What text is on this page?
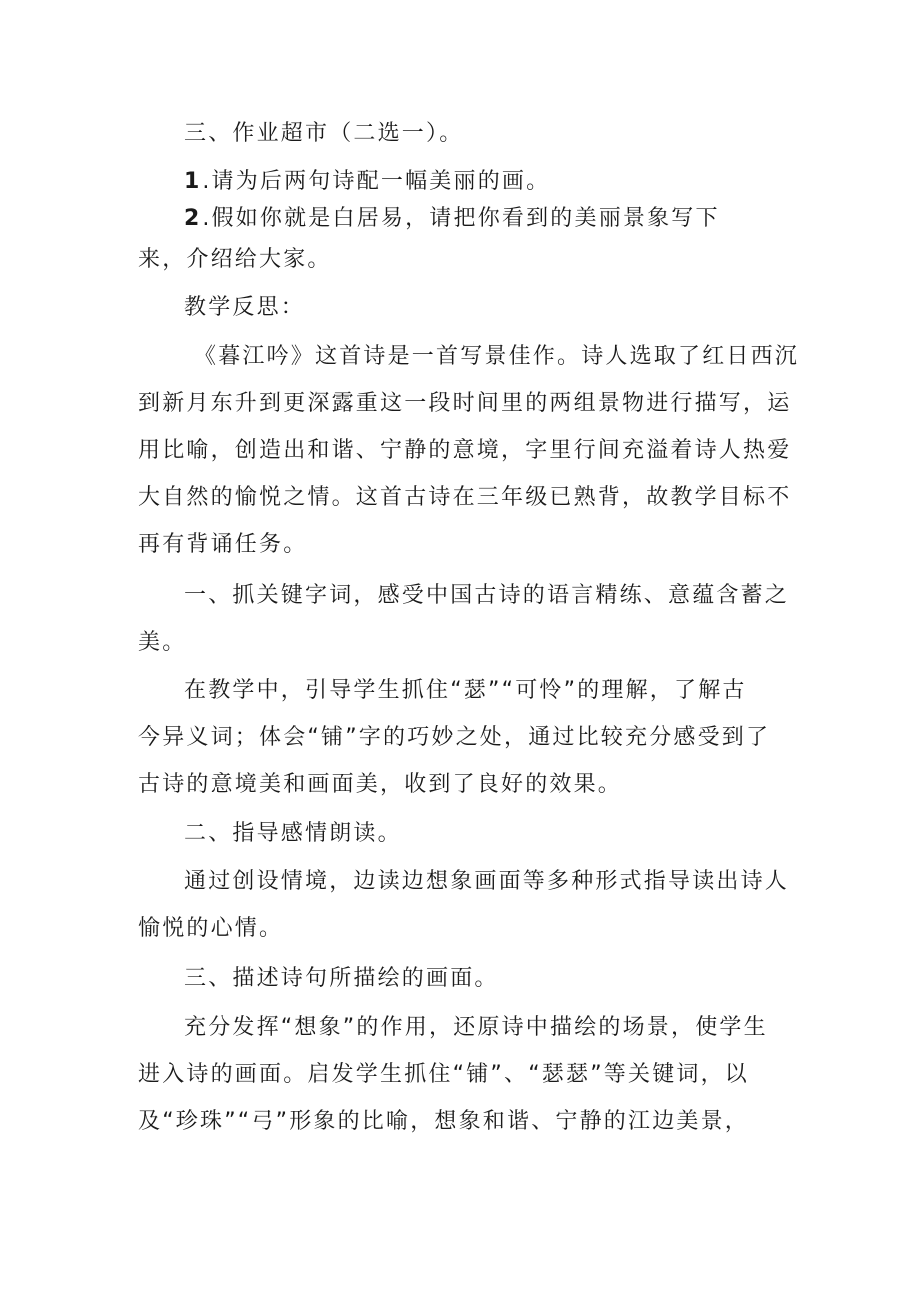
三、作业超市（二选一）。

1.请为后两句诗配一幅美丽的画。

2.假如你就是白居易，请把你看到的美丽景象写下
来，介绍给大家。

教学反思：

《暮江吟》这首诗是一首写景佳作。诗人选取了红日西沉
到新月东升到更深露重这一段时间里的两组景物进行描写，运
用比喻，创造出和谐、宁静的意境，字里行间充溢着诗人热爱
大自然的愉悦之情。这首古诗在三年级已熟背，故教学目标不
再有背诵任务。

一、抓关键字词，感受中国古诗的语言精练、意蕴含蓄之
美。

在教学中，引导学生抓住“瑟”“可怜”的理解，了解古
今异义词；体会“铺”字的巧妙之处，通过比较充分感受到了
古诗的意境美和画面美，收到了良好的效果。

二、指导感情朗读。

通过创设情境，边读边想象画面等多种形式指导读出诗人
愉悦的心情。

三、描述诗句所描绘的画面。

充分发挥“想象”的作用，还原诗中描绘的场景，使学生
进入诗的画面。启发学生抓住“铺”、“瑟瑟”等关键词，以
及“珍珠”“弓”形象的比喻，想象和谐、宁静的江边美景，
